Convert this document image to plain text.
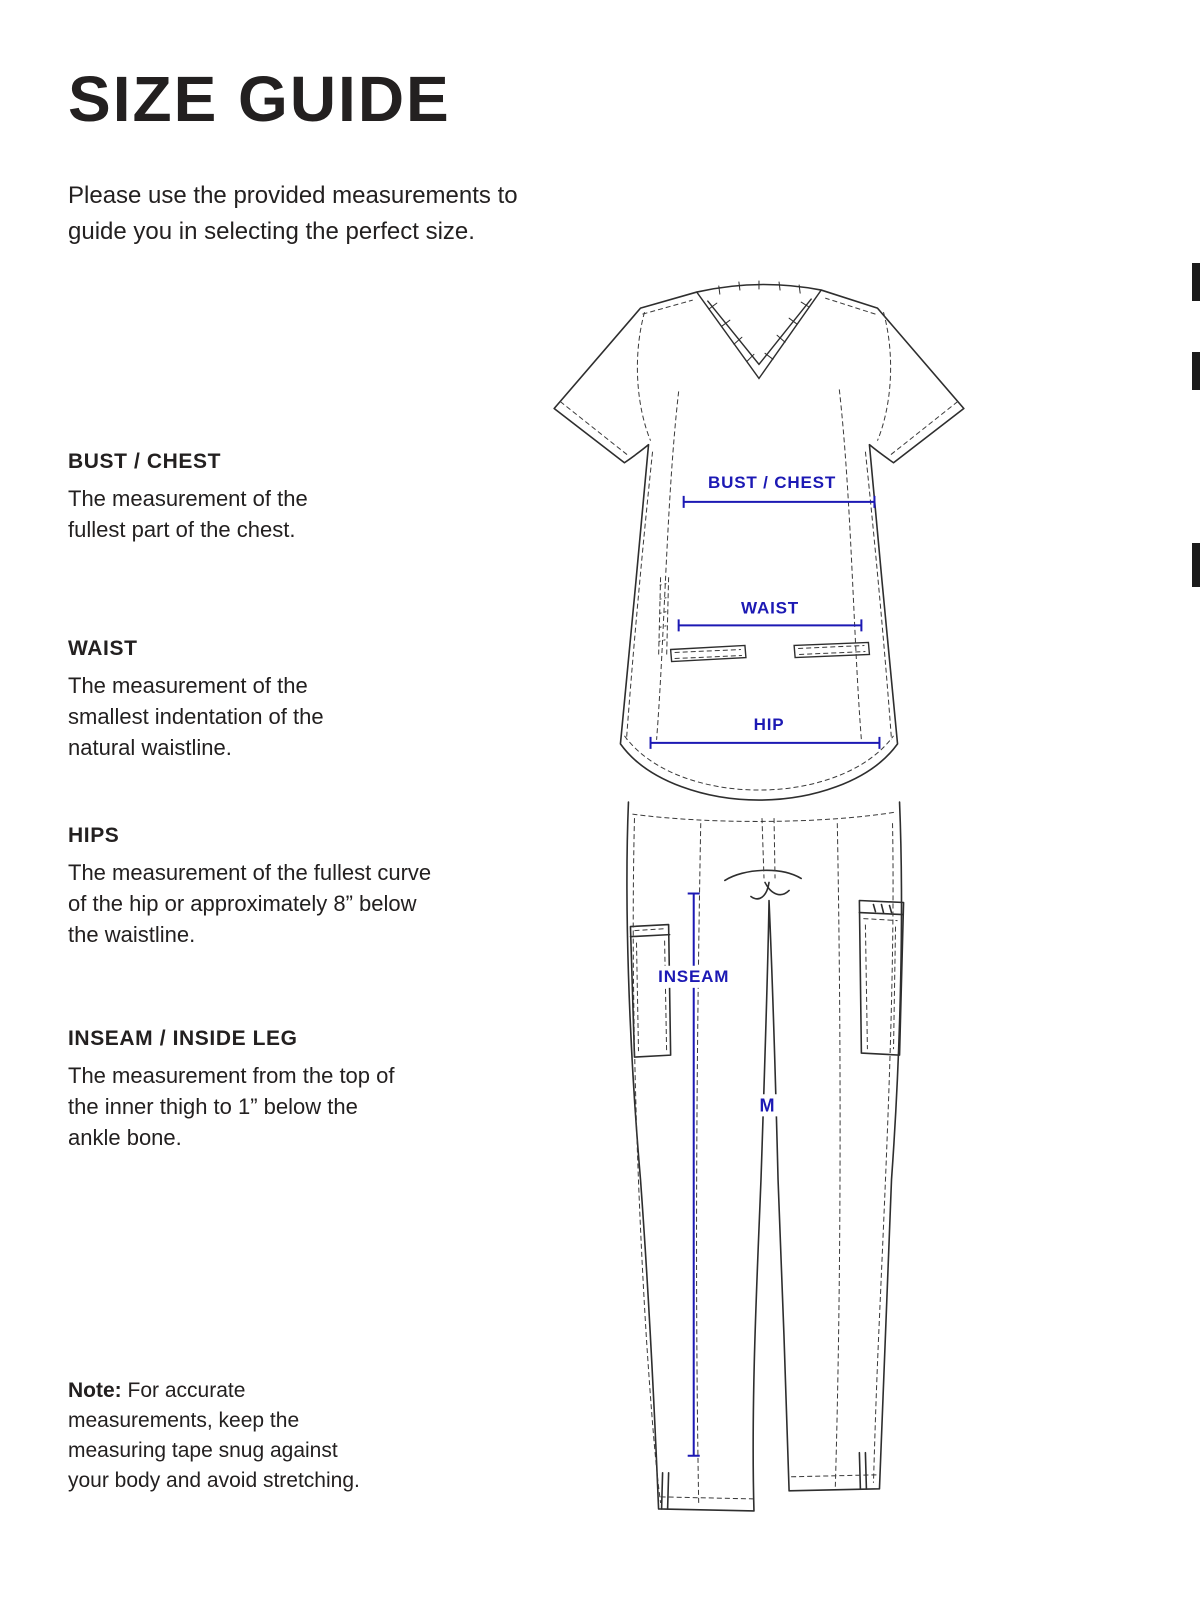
SIZE GUIDE

Please use the provided measurements to guide you in selecting the perfect size.

BUST / CHEST

The measurement of the fullest part of the chest.

WAIST

The measurement of the smallest indentation of the natural waistline.

HIPS

The measurement of the fullest curve of the hip or approximately 8” below the waistline.

INSEAM / INSIDE LEG

The measurement from the top of the inner thigh to 1” below the ankle bone.

Note: For accurate measurements, keep the measuring tape snug against your body and avoid stretching.

BUST / CHEST
WAIST
HIP
INSEAM
M
